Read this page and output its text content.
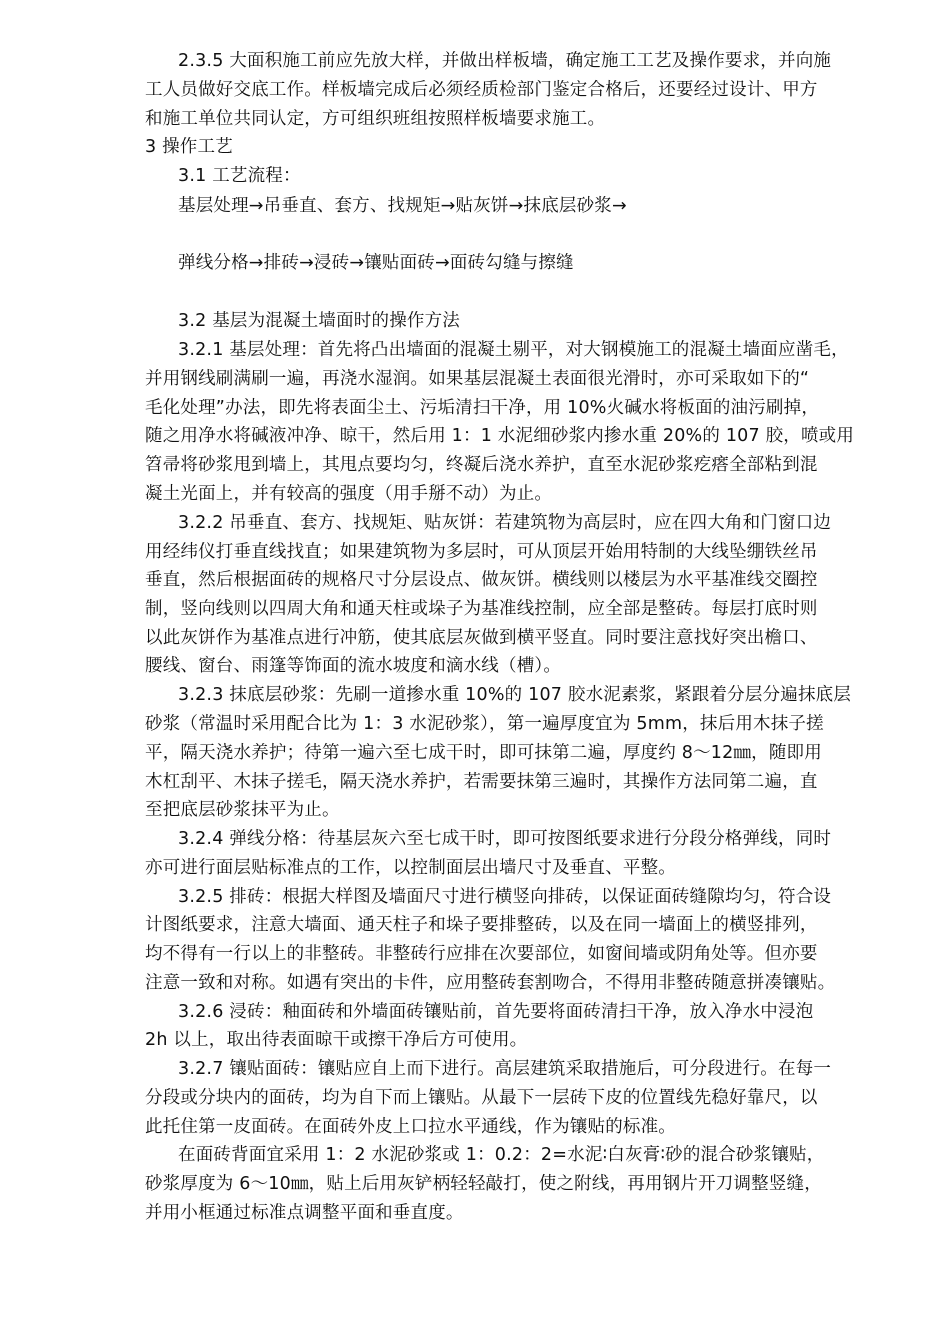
2.3.5 大面积施工前应先放大样，并做出样板墙，确定施工工艺及操作要求，并向施
工人员做好交底工作。样板墙完成后必须经质检部门鉴定合格后，还要经过设计、甲方
和施工单位共同认定，方可组织班组按照样板墙要求施工。
3 操作工艺
3.1 工艺流程：
基层处理→吊垂直、套方、找规矩→贴灰饼→抹底层砂浆→
弹线分格→排砖→浸砖→镶贴面砖→面砖勾缝与擦缝
3.2 基层为混凝土墙面时的操作方法
3.2.1 基层处理：首先将凸出墙面的混凝土剔平，对大钢模施工的混凝土墙面应凿毛，
并用钢线刷满刷一遍，再浇水湿润。如果基层混凝土表面很光滑时，亦可采取如下的“
毛化处理”办法，即先将表面尘土、污垢清扫干净，用 10%火碱水将板面的油污刷掉，
随之用净水将碱液冲净、晾干，然后用 1：1 水泥细砂浆内掺水重 20%的 107 胶，喷或用
笤帚将砂浆甩到墙上，其甩点要均匀，终凝后浇水养护，直至水泥砂浆疙瘩全部粘到混
凝土光面上，并有较高的强度（用手掰不动）为止。
3.2.2 吊垂直、套方、找规矩、贴灰饼：若建筑物为高层时，应在四大角和门窗口边
用经纬仪打垂直线找直；如果建筑物为多层时，可从顶层开始用特制的大线坠绷铁丝吊
垂直，然后根据面砖的规格尺寸分层设点、做灰饼。横线则以楼层为水平基准线交圈控
制，竖向线则以四周大角和通天柱或垛子为基准线控制，应全部是整砖。每层打底时则
以此灰饼作为基准点进行冲筋，使其底层灰做到横平竖直。同时要注意找好突出檐口、
腰线、窗台、雨篷等饰面的流水坡度和滴水线（槽）。
3.2.3 抹底层砂浆：先刷一道掺水重 10%的 107 胶水泥素浆，紧跟着分层分遍抹底层
砂浆（常温时采用配合比为 1：3 水泥砂浆），第一遍厚度宜为 5mm，抹后用木抹子搓
平，隔天浇水养护；待第一遍六至七成干时，即可抹第二遍，厚度约 8～12㎜，随即用
木杠刮平、木抹子搓毛，隔天浇水养护，若需要抹第三遍时，其操作方法同第二遍，直
至把底层砂浆抹平为止。
3.2.4 弹线分格：待基层灰六至七成干时，即可按图纸要求进行分段分格弹线，同时
亦可进行面层贴标准点的工作，以控制面层出墙尺寸及垂直、平整。
3.2.5 排砖：根据大样图及墙面尺寸进行横竖向排砖，以保证面砖缝隙均匀，符合设
计图纸要求，注意大墙面、通天柱子和垛子要排整砖，以及在同一墙面上的横竖排列，
均不得有一行以上的非整砖。非整砖行应排在次要部位，如窗间墙或阴角处等。但亦要
注意一致和对称。如遇有突出的卡件，应用整砖套割吻合，不得用非整砖随意拼凑镶贴。
3.2.6 浸砖：釉面砖和外墙面砖镶贴前，首先要将面砖清扫干净，放入净水中浸泡
2h 以上，取出待表面晾干或擦干净后方可使用。
3.2.7 镶贴面砖：镶贴应自上而下进行。高层建筑采取措施后，可分段进行。在每一
分段或分块内的面砖，均为自下而上镶贴。从最下一层砖下皮的位置线先稳好靠尺，以
此托住第一皮面砖。在面砖外皮上口拉水平通线，作为镶贴的标准。
在面砖背面宜采用 1：2 水泥砂浆或 1：0.2：2=水泥∶白灰膏∶砂的混合砂浆镶贴，
砂浆厚度为 6～10㎜，贴上后用灰铲柄轻轻敲打，使之附线，再用钢片开刀调整竖缝，
并用小框通过标准点调整平面和垂直度。
